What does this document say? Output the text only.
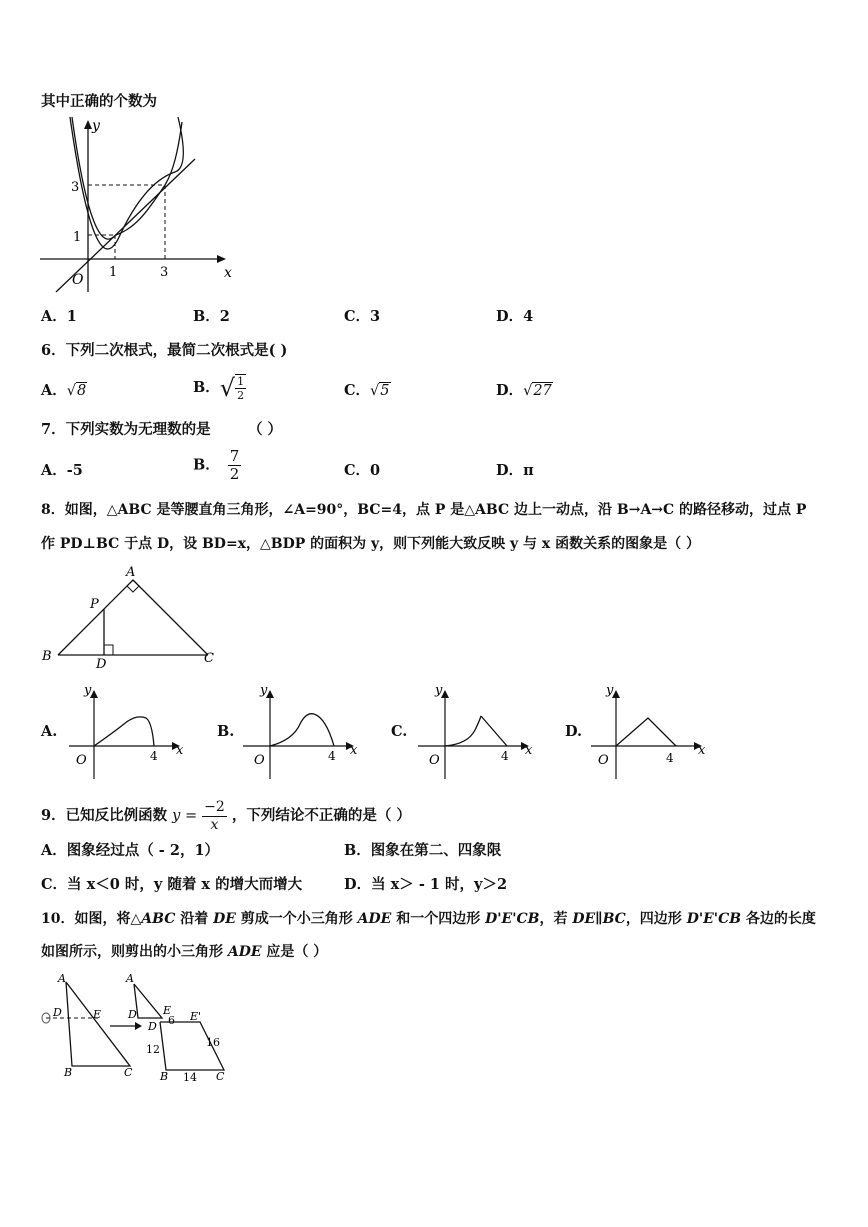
其中正确的个数为
y
x
O
3
1
1	3
A．1	B．2	C．3	D．4
6．下列二次根式，最简二次根式是( )
A．√8	B．√ $\frac{1}{2}$	C．√5	D．√27
7．下列实数为无理数的是	（ ）
A．-5	B． $\frac{7}{2}$	C．0	D．π
8．如图，△ABC 是等腰直角三角形，∠A=90°，BC=4，点 P 是△ABC 边上一动点，沿 B→A→C 的路径移动，过点 P
作 PD⊥BC 于点 D，设 BD=x，△BDP 的面积为 y，则下列能大致反映 y 与 x 函数关系的图象是（ ）
A
B	C
P
D
A.
y
x
O	4
B.
y
x
O	4
C.
y
x
O	4
D.
y
x
O	4
9．已知反比例函数 $y = \frac{-2}{x}$ ，下列结论不正确的是（ ）
A．图象经过点（ - 2，1）	B．图象在第二、四象限
C．当 x＜0 时，y 随着 x 的增大而增大	D．当 x＞ - 1 时，y＞2
10．如图，将△ABC 沿着 DE 剪成一个小三角形 ADE 和一个四边形 D'E'CB，若 DE∥BC，四边形 D'E'CB 各边的长度
如图所示，则剪出的小三角形 ADE 应是（ ）
A
D	E
B	C
A
D E
6
D
E'
12
16
B 14 C
